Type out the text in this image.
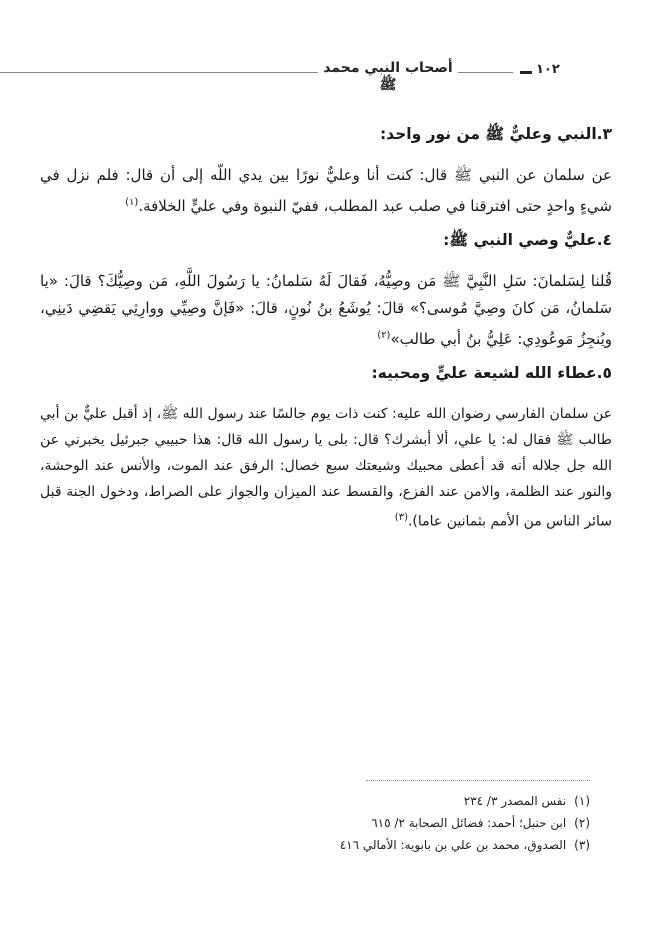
أصحاب النبي محمد ﷺ
١٠٢
٣.النبي وعليٌّ ﷺ من نور واحد:

عن سلمان عن النبي ﷺ قال: كنت أنا وعليٌّ نورًا بين يدي اللّه إلى أن قال: فلم نزل في شيءٍ واحدٍ حتى افترقنا في صلب عبد المطلب، ففيّ النبوة وفي عليٍّ الخلافة.$^{(١)}$

٤.عليٌّ وصي النبي ﷺ:

قُلنا لِسَلمانَ: سَلِ النَّبِيَّ ﷺ مَن وصِيُّهُ، فَقالَ لَهُ سَلمانُ: يا رَسُولَ اللَّهِ، مَن وصِيُّكَ؟ قالَ: «يا سَلمانُ، مَن كانَ وصِيَّ مُوسى؟» قالَ: يُوشَعُ بنُ نُونٍ، قالَ: «فَإنَّ وصِيِّي ووارِثِي يَقضِي دَينِي، ويُنجِزُ مَوعُودِي: عَلِيُّ بنُ أبي طالب»$^{(٢)}$

٥.عطاء الله لشيعة عليٍّ ومحبيه:

عن سلمان الفارسي رضوان الله عليه: كنت ذات يوم جالسًا عند رسول الله ﷺ، إذ أقبل عليٌّ بن أبي طالب ﷺ فقال له: يا علي، ألا أبشرك؟ قال: بلى يا رسول الله قال: هذا حبيبي جبرئيل يخبرني عن الله جل جلاله أنه قد أعطى محبيك وشيعتك سبع خصال: الرفق عند الموت، والأنس عند الوحشة، والنور عند الظلمة، والامن عند الفزع، والقسط عند الميزان والجواز على الصراط، ودخول الجنة قبل سائر الناس من الأمم بثمانين عاما).$^{(٣)}$

(١)نفس المصدر ٣/ ٢٣٤
(٢)ابن حنبل؛ أحمد: فضائل الصحابة ٢/ ٦١٥
(٣)الصدوق، محمد بن علي بن بابويه: الأمالي ٤١٦
